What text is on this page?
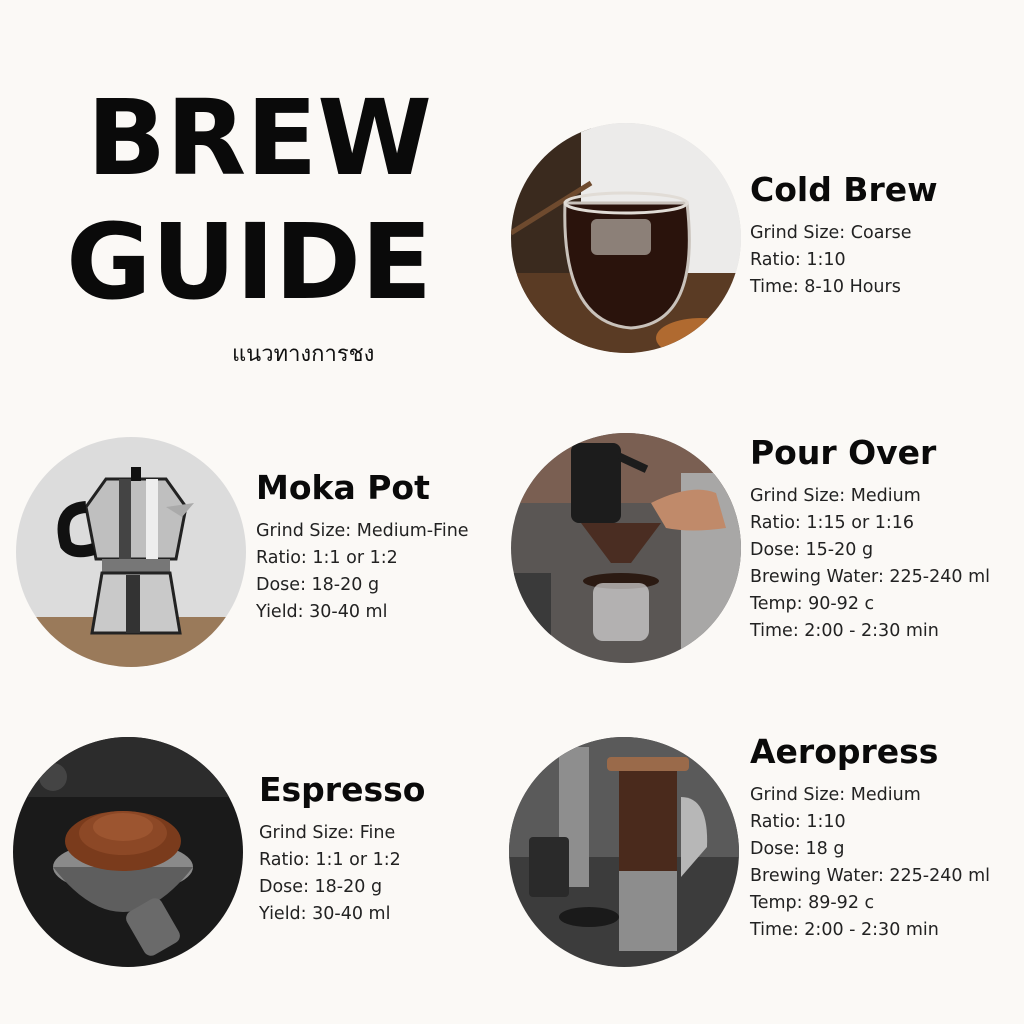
BREW
GUIDE
แนวทางการชง
Cold Brew
Grind Size: Coarse
Ratio: 1:10
Time: 8-10 Hours
Moka Pot
Grind Size: Medium-Fine
Ratio: 1:1 or 1:2
Dose: 18-20 g
Yield: 30-40 ml
Pour Over
Grind Size: Medium
Ratio: 1:15 or 1:16
Dose: 15-20 g
Brewing Water: 225-240 ml
Temp: 90-92 c
Time: 2:00 - 2:30 min
Espresso
Grind Size: Fine
Ratio: 1:1 or 1:2
Dose: 18-20 g
Yield: 30-40 ml
Aeropress
Grind Size: Medium
Ratio: 1:10
Dose: 18 g
Brewing Water: 225-240 ml
Temp: 89-92 c
Time: 2:00 - 2:30 min
